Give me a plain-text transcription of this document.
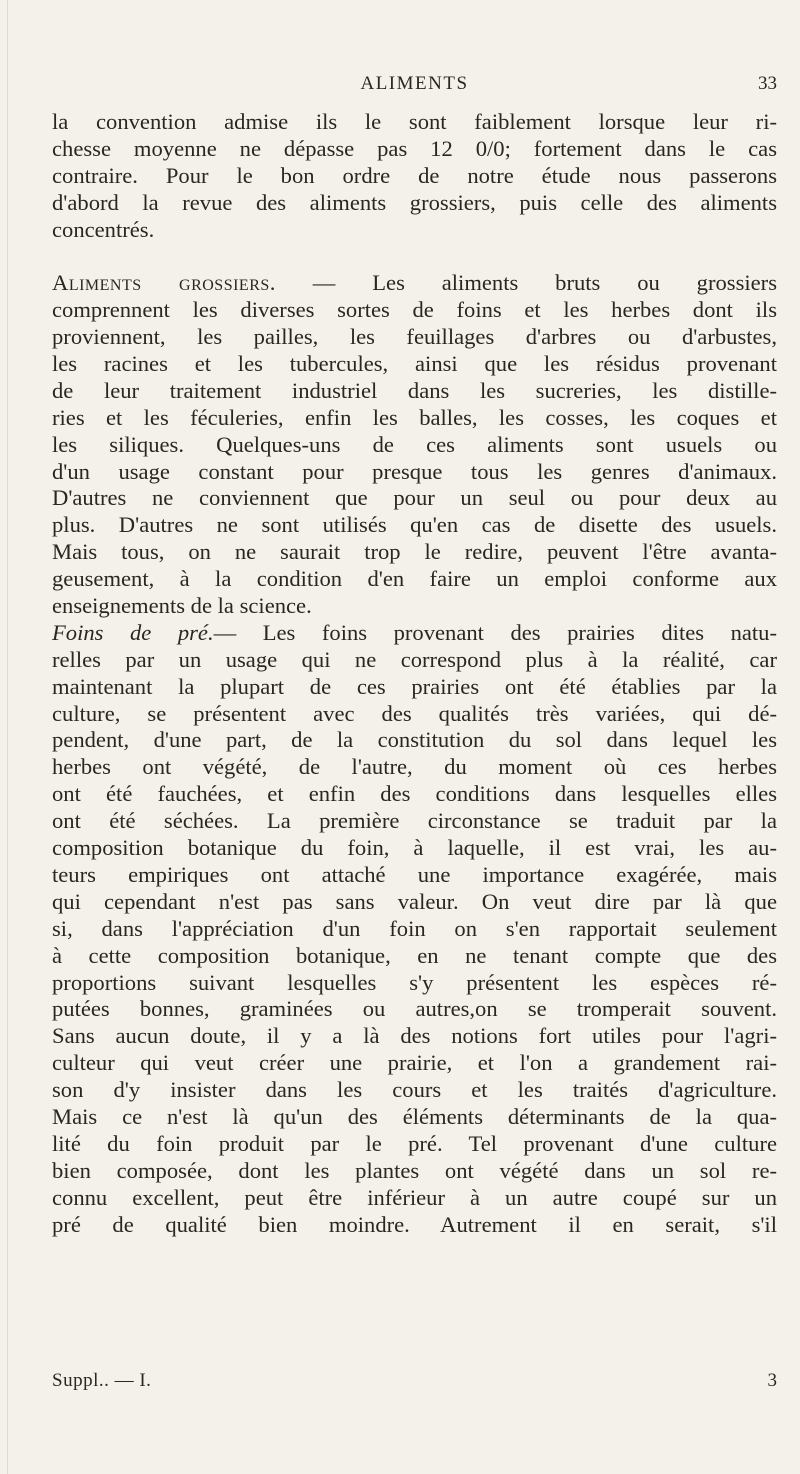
ALIMENTS	33
la convention admise ils le sont faiblement lorsque leur ri-
chesse moyenne ne dépasse pas 12 0/0; fortement dans le cas
contraire. Pour le bon ordre de notre étude nous passerons
d'abord la revue des aliments grossiers, puis celle des aliments
concentrés.
Aliments grossiers. — Les aliments bruts ou grossiers
comprennent les diverses sortes de foins et les herbes dont ils
proviennent, les pailles, les feuillages d'arbres ou d'arbustes,
les racines et les tubercules, ainsi que les résidus provenant
de leur traitement industriel dans les sucreries, les distille-
ries et les féculeries, enfin les balles, les cosses, les coques et
les siliques. Quelques-uns de ces aliments sont usuels ou
d'un usage constant pour presque tous les genres d'animaux.
D'autres ne conviennent que pour un seul ou pour deux au
plus. D'autres ne sont utilisés qu'en cas de disette des usuels.
Mais tous, on ne saurait trop le redire, peuvent l'être avanta-
geusement, à la condition d'en faire un emploi conforme aux
enseignements de la science.
Foins de pré.— Les foins provenant des prairies dites natu-
relles par un usage qui ne correspond plus à la réalité, car
maintenant la plupart de ces prairies ont été établies par la
culture, se présentent avec des qualités très variées, qui dé-
pendent, d'une part, de la constitution du sol dans lequel les
herbes ont végété, de l'autre, du moment où ces herbes
ont été fauchées, et enfin des conditions dans lesquelles elles
ont été séchées. La première circonstance se traduit par la
composition botanique du foin, à laquelle, il est vrai, les au-
teurs empiriques ont attaché une importance exagérée, mais
qui cependant n'est pas sans valeur. On veut dire par là que
si, dans l'appréciation d'un foin on s'en rapportait seulement
à cette composition botanique, en ne tenant compte que des
proportions suivant lesquelles s'y présentent les espèces ré-
putées bonnes, graminées ou autres,on se tromperait souvent.
Sans aucun doute, il y a là des notions fort utiles pour l'agri-
culteur qui veut créer une prairie, et l'on a grandement rai-
son d'y insister dans les cours et les traités d'agriculture.
Mais ce n'est là qu'un des éléments déterminants de la qua-
lité du foin produit par le pré. Tel provenant d'une culture
bien composée, dont les plantes ont végété dans un sol re-
connu excellent, peut être inférieur à un autre coupé sur un
pré de qualité bien moindre. Autrement il en serait, s'il
Suppl.. — I.	3
